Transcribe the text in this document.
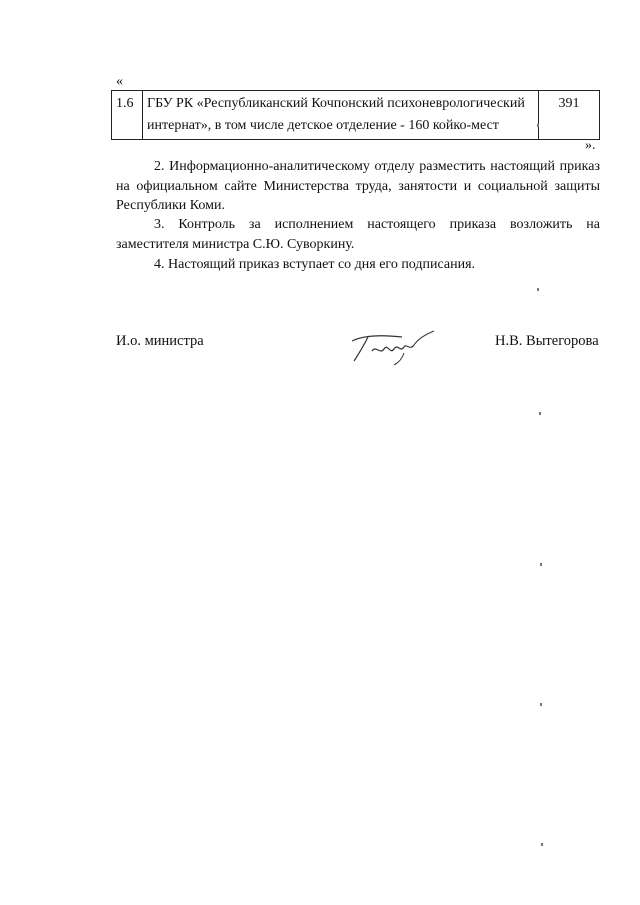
«
1.6	ГБУ РК «Республиканский Кочпонский психоневрологический интернат», в том числе детское отделение - 160 койко-мест	391
».

2. Информационно-аналитическому отделу разместить настоящий приказ на официальном сайте Министерства труда, занятости и социальной защиты Республики Коми.

3. Контроль за исполнением настоящего приказа возложить на заместителя министра С.Ю. Суворкину.

4. Настоящий приказ вступает со дня его подписания.

И.о. министра	Н.В. Вытегорова
